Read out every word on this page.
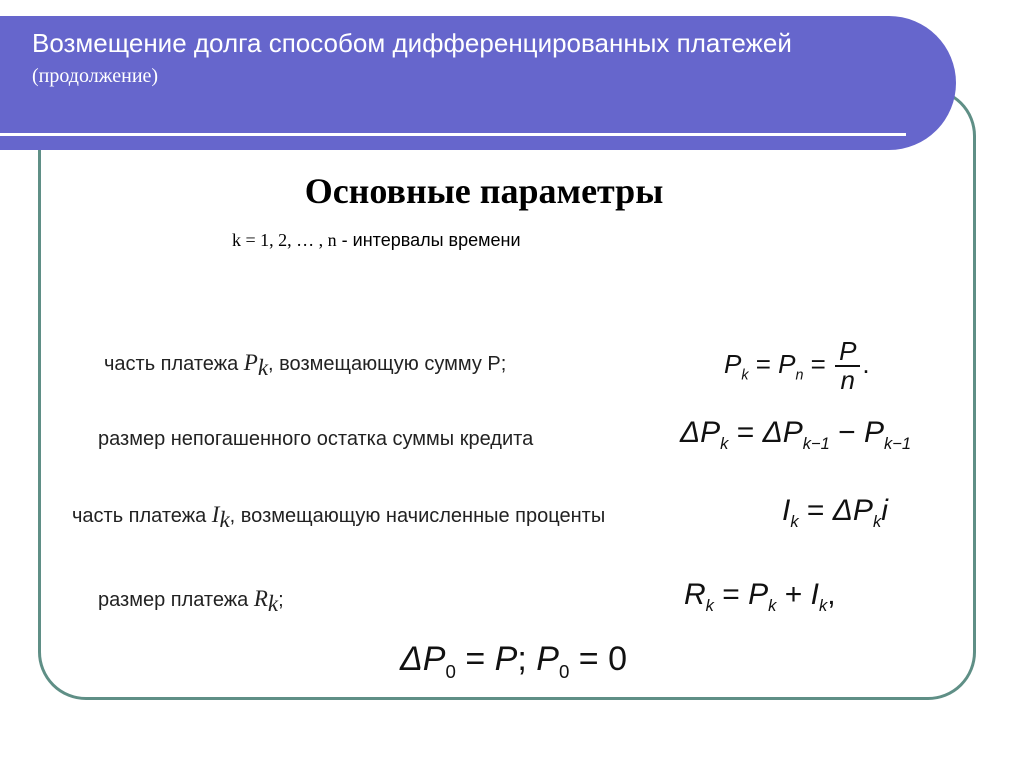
Возмещение долга способом дифференцированных платежей
(продолжение)
Основные параметры
k = 1, 2, … , n - интервалы времени
часть платежа $P_k$, возмещающую сумму P;	$P_k = P_n = \frac{P}{n}$ .
размер непогашенного остатка суммы кредита	$\Delta P_k = \Delta P_{k-1} - P_{k-1}$
часть платежа $I_k$, возмещающую начисленные проценты	$I_k = \Delta P_ki$
размер платежа $R_k$;	$R_k = P_k + I_k$,
$\Delta P_0 = P$; $P_0 = 0$
